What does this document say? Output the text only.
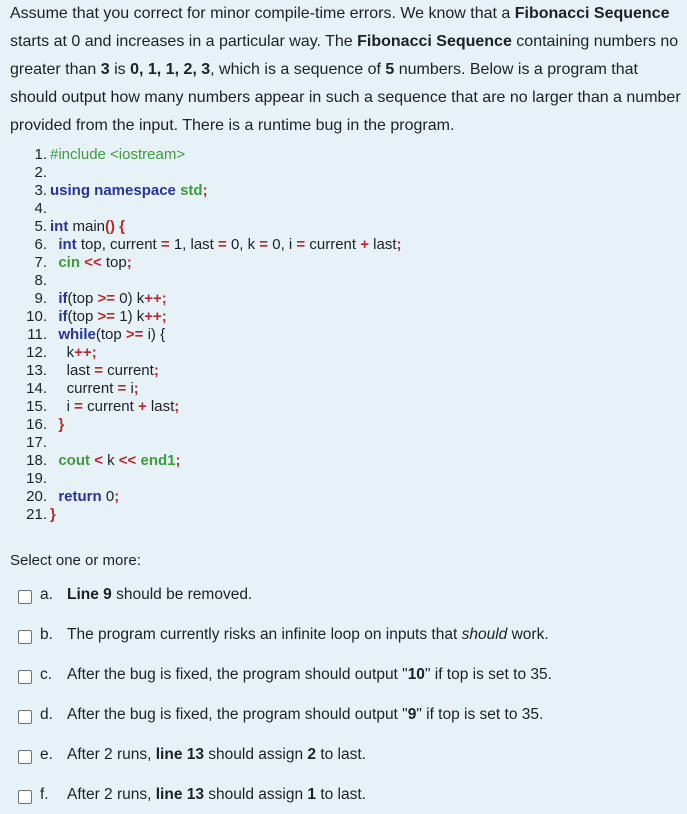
Assume that you correct for minor compile-time errors. We know that a Fibonacci Sequence
starts at 0 and increases in a particular way. The Fibonacci Sequence containing numbers no
greater than 3 is 0, 1, 1, 2, 3, which is a sequence of 5 numbers. Below is a program that
should output how many numbers appear in such a sequence that are no larger than a number
provided from the input. There is a runtime bug in the program.
1. #include <iostream>
2.
3. using namespace std;
4.
5. int main() {
6. int top, current = 1, last = 0, k = 0, i = current + last;
7. cin << top;
8.
9. if(top >= 0) k++;
10. if(top >= 1) k++;
11. while(top >= i) {
12.	k++;
13.	last = current;
14.	current = i;
15.	i = current + last;
16. }
17.
18. cout < k << end1;
19.
20. return 0;
21. }
Select one or more:
a. Line 9 should be removed.
b. The program currently risks an infinite loop on inputs that should work.
c. After the bug is fixed, the program should output "10" if top is set to 35.
d. After the bug is fixed, the program should output "9" if top is set to 35.
e. After 2 runs, line 13 should assign 2 to last.
f. After 2 runs, line 13 should assign 1 to last.
